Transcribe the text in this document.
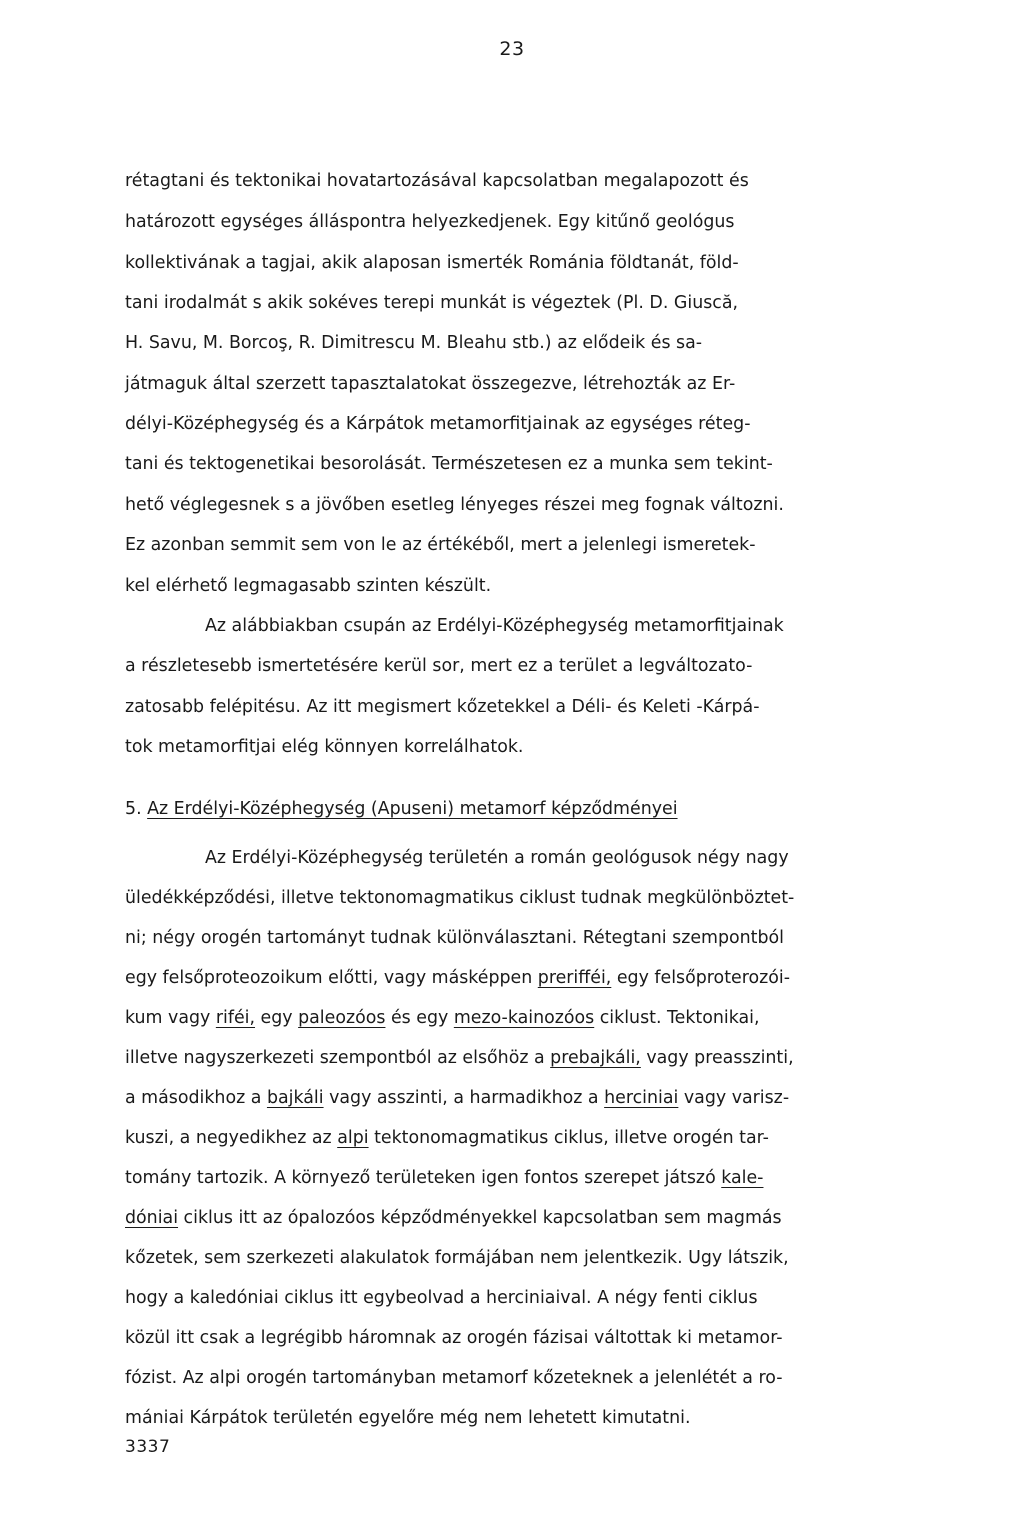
23

rétagtani és tektonikai hovatartozásával kapcsolatban megalapozott és

határozott egységes álláspontra helyezkedjenek. Egy kitűnő geológus

kollektivának a tagjai, akik alaposan ismerték Románia földtanát, föld-

tani irodalmát s akik sokéves terepi munkát is végeztek (Pl. D. Giuscă,

H. Savu, M. Borcoş, R. Dimitrescu M. Bleahu stb.) az elődeik és sa-

játmaguk által szerzett tapasztalatokat összegezve, létrehozták az Er-

délyi-Középhegység és a Kárpátok metamorfitjainak az egységes réteg-

tani és tektogenetikai besorolását. Természetesen ez a munka sem tekint-

hető véglegesnek s a jövőben esetleg lényeges részei meg fognak változni.

Ez azonban semmit sem von le az értékéből, mert a jelenlegi ismeretek-

kel elérhető legmagasabb szinten készült.

Az alábbiakban csupán az Erdélyi-Középhegység metamorfitjainak

a részletesebb ismertetésére kerül sor, mert ez a terület a legváltozato-

zatosabb felépitésu. Az itt megismert kőzetekkel a Déli- és Keleti -Kárpá-

tok metamorfitjai elég könnyen korrelálhatok.

5. Az Erdélyi-Középhegység (Apuseni) metamorf képződményei

Az Erdélyi-Középhegység területén a román geológusok négy nagy

üledékképződési, illetve tektonomagmatikus ciklust tudnak megkülönböztet-

ni; négy orogén tartományt tudnak különválasztani. Rétegtani szempontból

egy felsőproteozoikum előtti, vagy másképpen prerifféi, egy felsőproterozói-

kum vagy riféi, egy paleozóos és egy mezo-kainozóos ciklust. Tektonikai,

illetve nagyszerkezeti szempontból az elsőhöz a prebajkáli, vagy preasszinti,

a másodikhoz a bajkáli vagy asszinti, a harmadikhoz a herciniai vagy varisz-

kuszi, a negyedikhez az alpi tektonomagmatikus ciklus, illetve orogén tar-

tomány tartozik. A környező területeken igen fontos szerepet játszó kale-

dóniai ciklus itt az ópalozóos képződményekkel kapcsolatban sem magmás

kőzetek, sem szerkezeti alakulatok formájában nem jelentkezik. Ugy látszik,

hogy a kaledóniai ciklus itt egybeolvad a herciniaival. A négy fenti ciklus

közül itt csak a legrégibb háromnak az orogén fázisai váltottak ki metamor-

fózist. Az alpi orogén tartományban metamorf kőzeteknek a jelenlétét a ro-

mániai Kárpátok területén egyelőre még nem lehetett kimutatni.

3337
